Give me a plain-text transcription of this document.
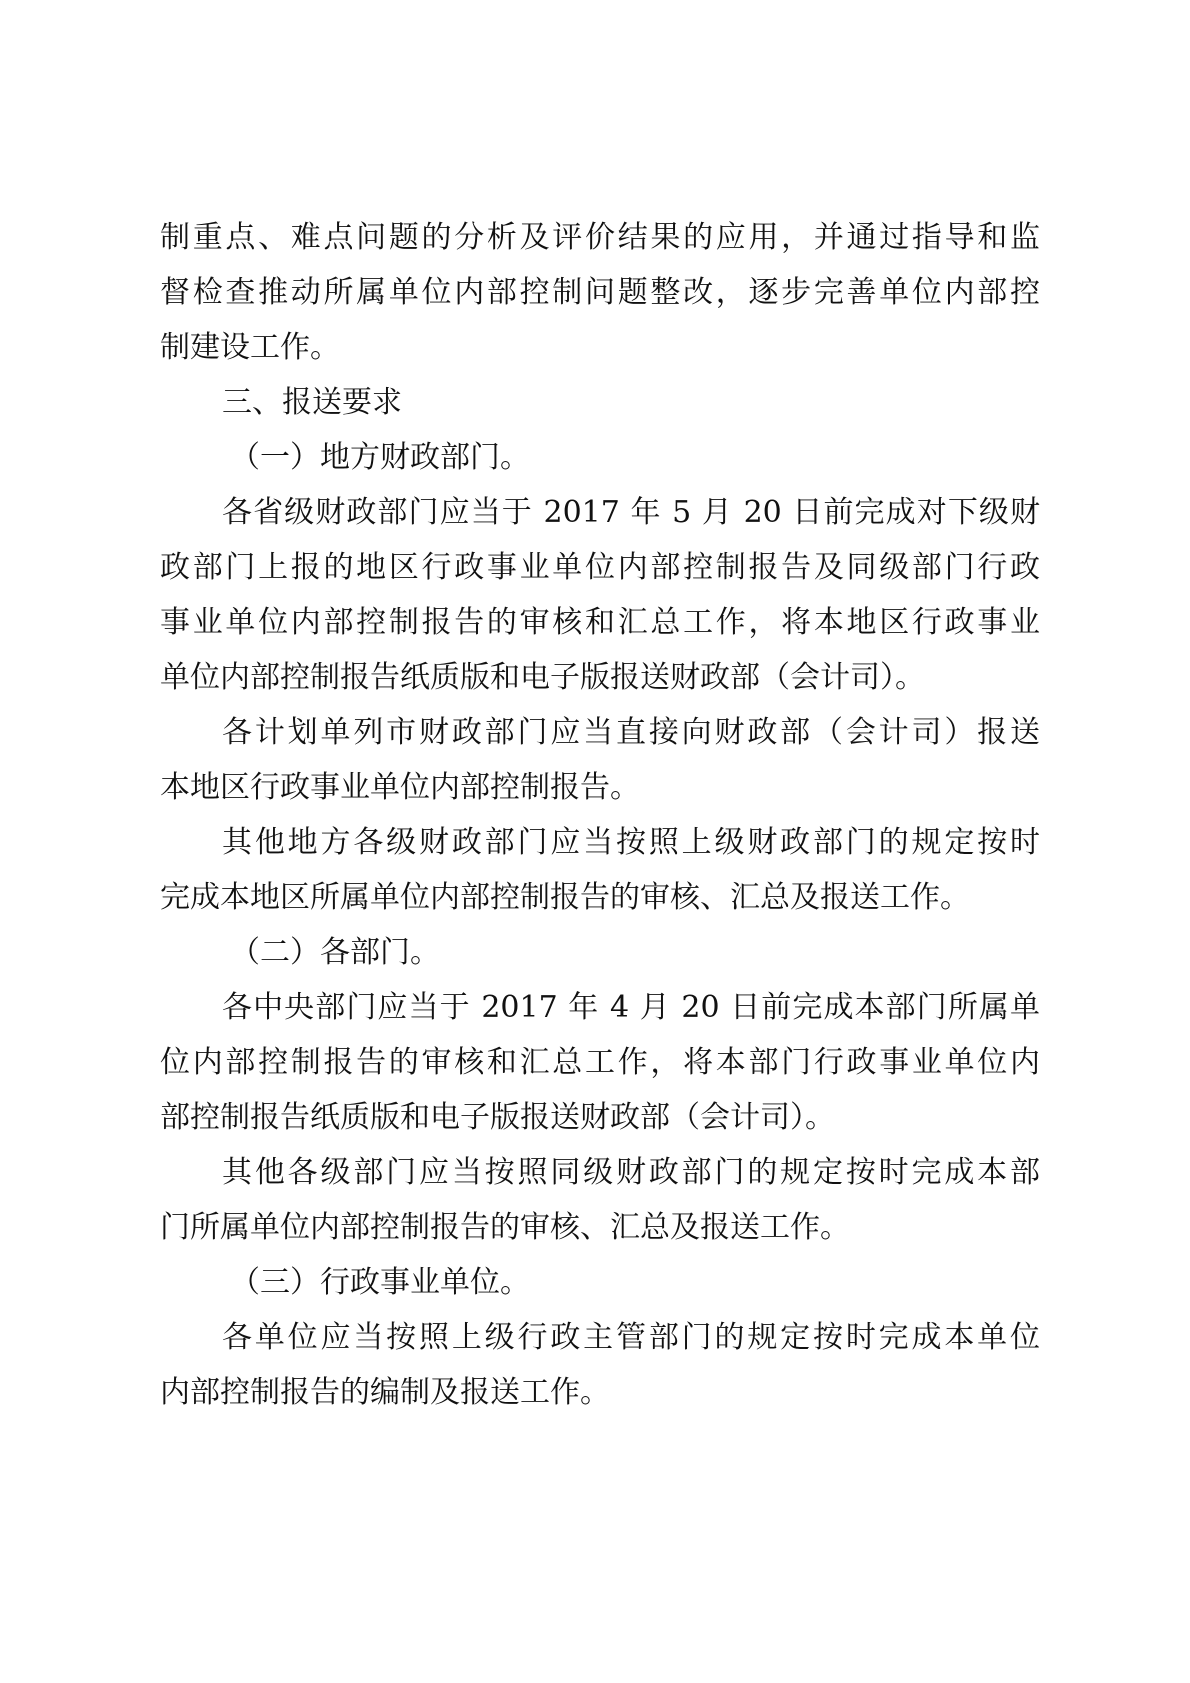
制重点、难点问题的分析及评价结果的应用，并通过指导和监
督检查推动所属单位内部控制问题整改，逐步完善单位内部控
制建设工作。
三、报送要求
（一）地方财政部门。
各省级财政部门应当于 2017 年 5 月 20 日前完成对下级财
政部门上报的地区行政事业单位内部控制报告及同级部门行政
事业单位内部控制报告的审核和汇总工作，将本地区行政事业
单位内部控制报告纸质版和电子版报送财政部（会计司）。
各计划单列市财政部门应当直接向财政部（会计司）报送
本地区行政事业单位内部控制报告。
其他地方各级财政部门应当按照上级财政部门的规定按时
完成本地区所属单位内部控制报告的审核、汇总及报送工作。
（二）各部门。
各中央部门应当于 2017 年 4 月 20 日前完成本部门所属单
位内部控制报告的审核和汇总工作，将本部门行政事业单位内
部控制报告纸质版和电子版报送财政部（会计司）。
其他各级部门应当按照同级财政部门的规定按时完成本部
门所属单位内部控制报告的审核、汇总及报送工作。
（三）行政事业单位。
各单位应当按照上级行政主管部门的规定按时完成本单位
内部控制报告的编制及报送工作。
